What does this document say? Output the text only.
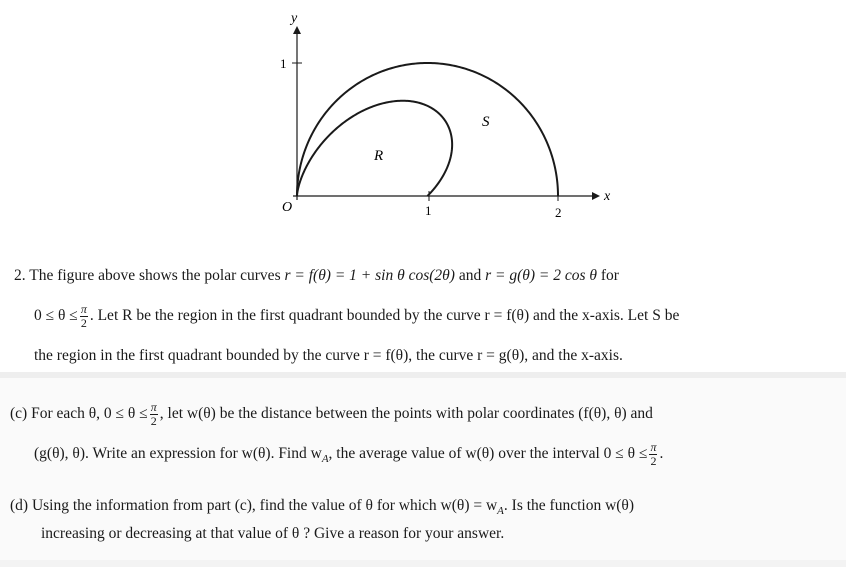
x
y
O	1	2
1
R
S
2. The figure above shows the polar curves r = f(θ) = 1 + sin θ cos(2θ) and r = g(θ) = 2 cos θ for
$0 \le \theta \le \frac{\pi}{2}$ . Let R be the region in the first quadrant bounded by the curve r = f(θ) and the x-axis. Let S be
the region in the first quadrant bounded by the curve r = f(θ), the curve r = g(θ), and the x-axis.
(c) For each θ, $0 \le \theta \le \frac{\pi}{2}$ , let w(θ) be the distance between the points with polar coordinates (f(θ), θ) and
(g(θ), θ). Write an expression for w(θ). Find $w_A$, the average value of w(θ) over the interval $0 \le \theta \le \frac{\pi}{2}$ .
(d) Using the information from part (c), find the value of θ for which $w(\theta) = w_A$. Is the function w(θ)
increasing or decreasing at that value of θ ? Give a reason for your answer.
